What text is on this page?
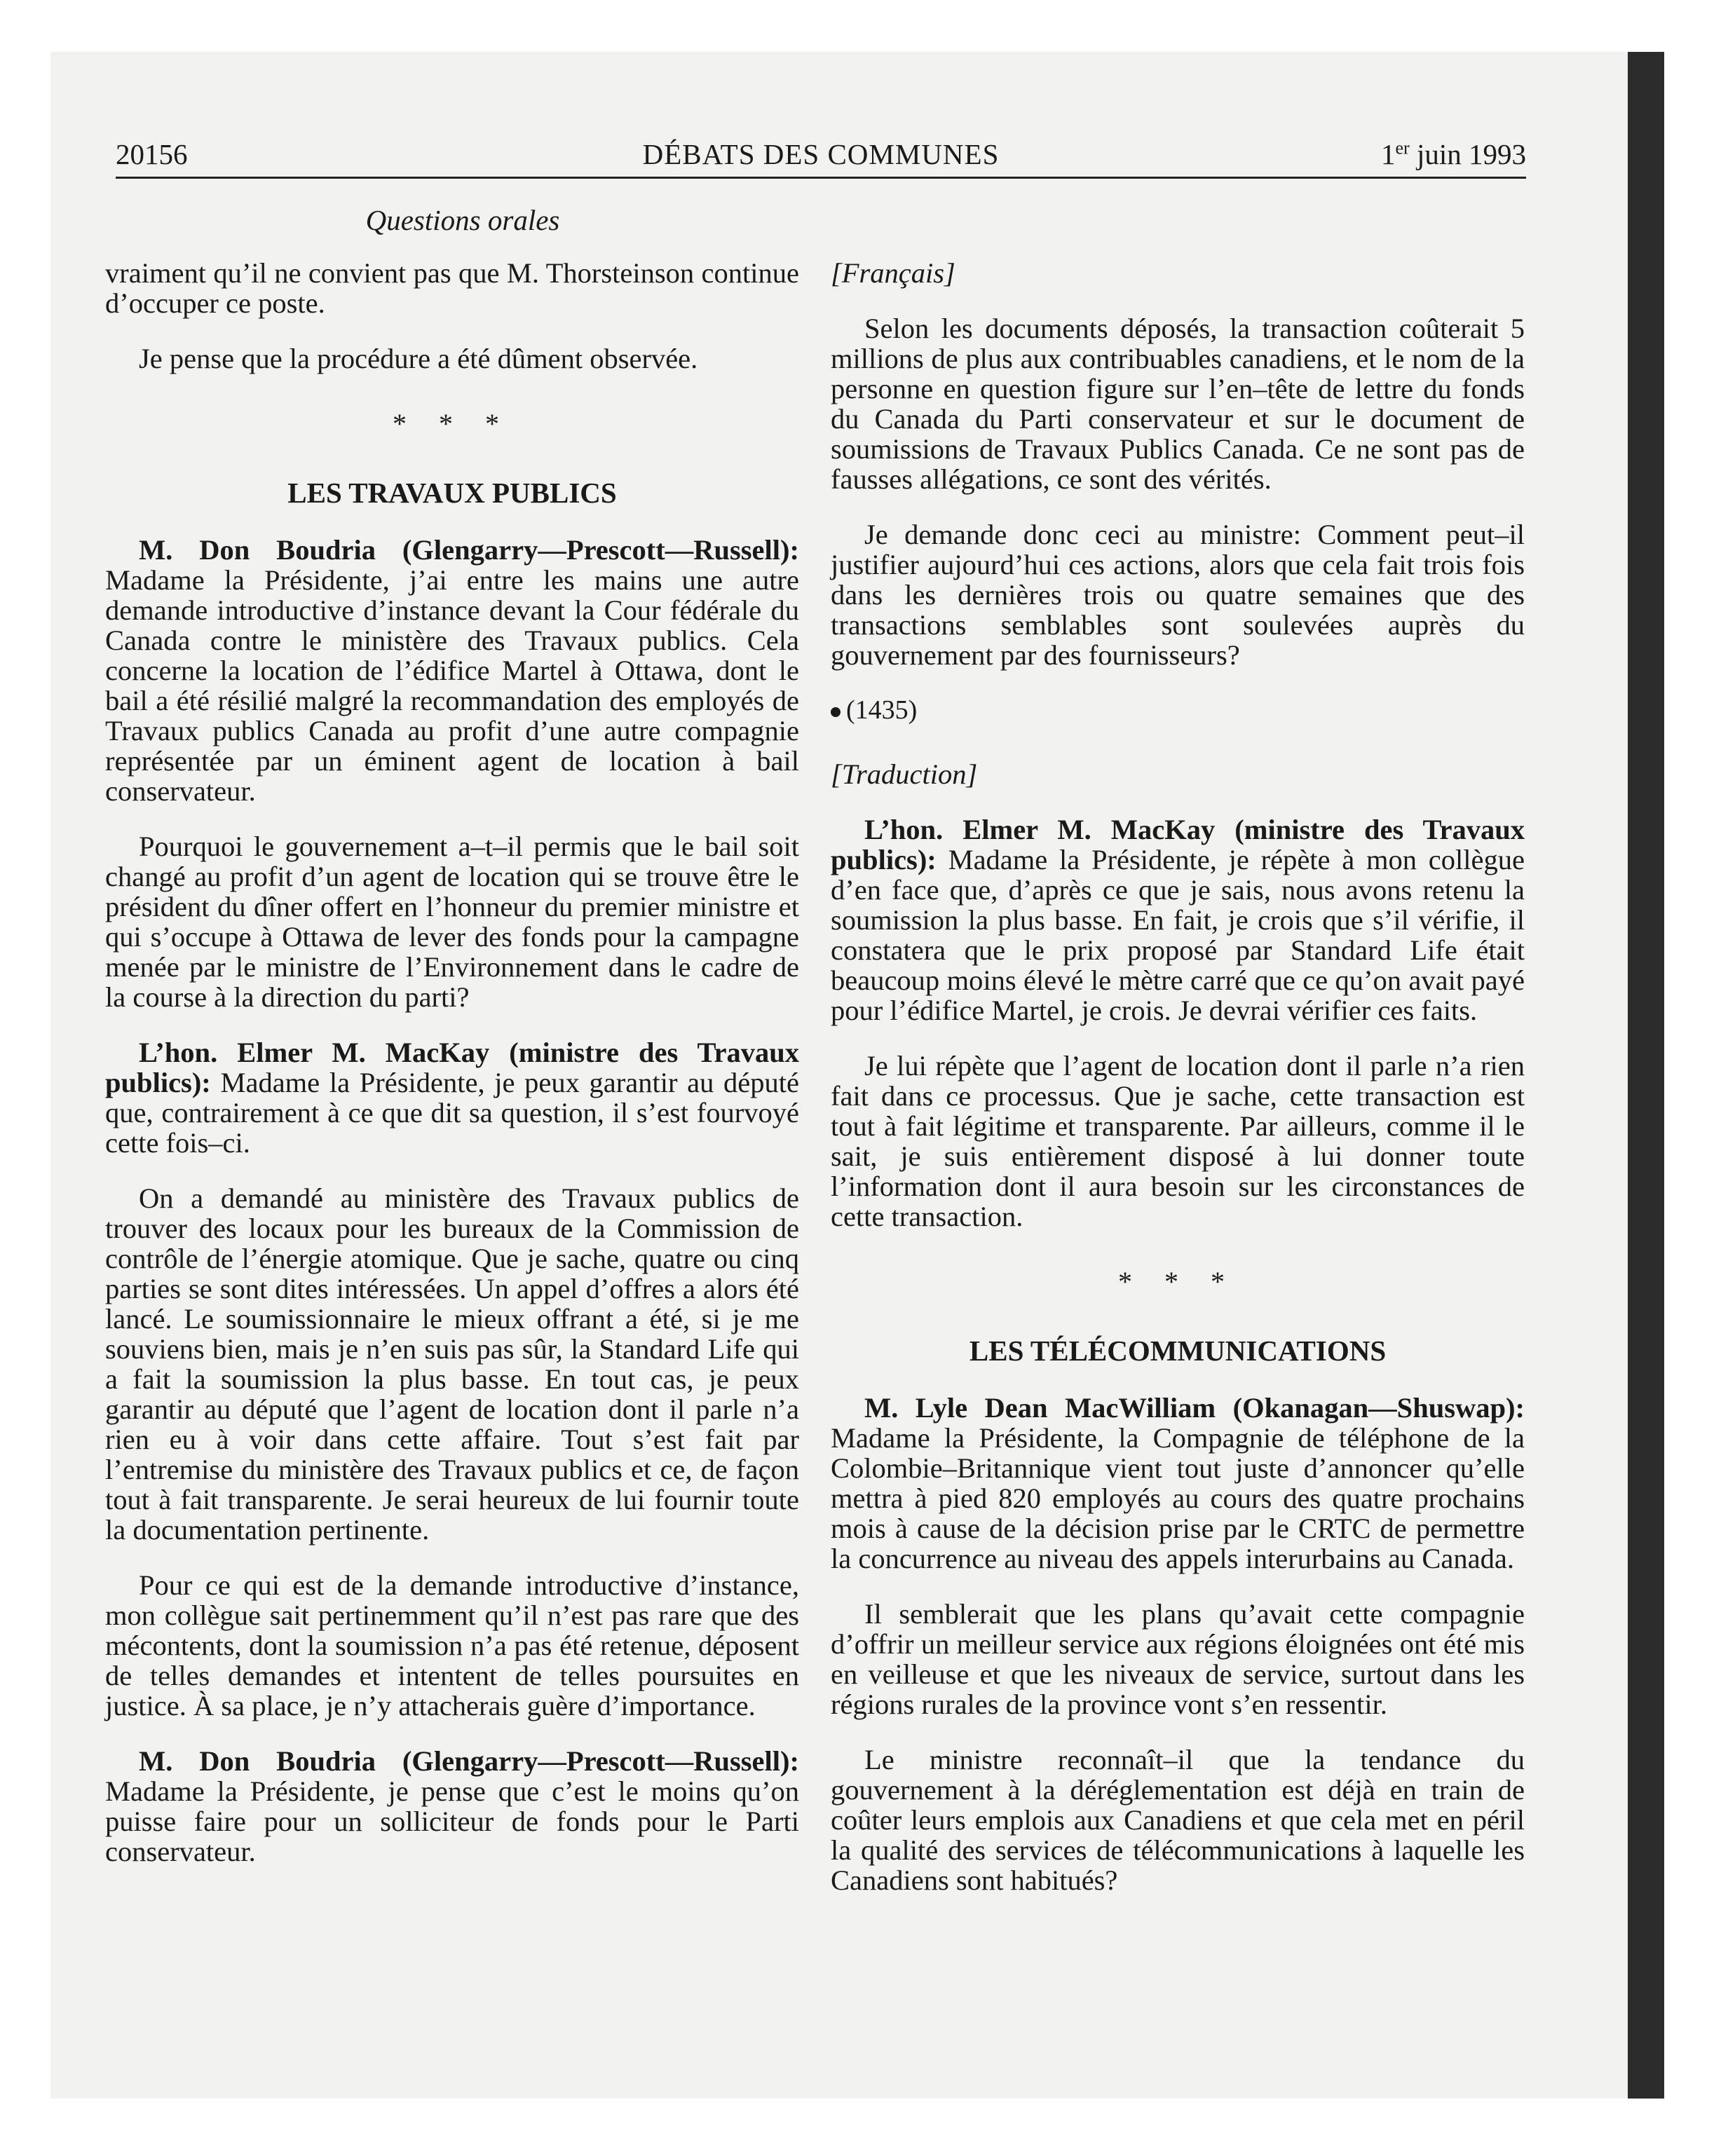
20156	DÉBATS DES COMMUNES	1er juin 1993
Questions orales

vraiment qu’il ne convient pas que M. Thorsteinson continue d’occuper ce poste.

Je pense que la procédure a été dûment observée.

* * *
LES TRAVAUX PUBLICS

M. Don Boudria (Glengarry—Prescott—Russell): Madame la Présidente, j’ai entre les mains une autre demande introductive d’instance devant la Cour fédérale du Canada contre le ministère des Travaux publics. Cela concerne la location de l’édifice Martel à Ottawa, dont le bail a été résilié malgré la recommandation des employés de Travaux publics Canada au profit d’une autre compagnie représentée par un éminent agent de location à bail conservateur.

Pourquoi le gouvernement a–t–il permis que le bail soit changé au profit d’un agent de location qui se trouve être le président du dîner offert en l’honneur du premier ministre et qui s’occupe à Ottawa de lever des fonds pour la campagne menée par le ministre de l’Environnement dans le cadre de la course à la direction du parti?

L’hon. Elmer M. MacKay (ministre des Travaux publics): Madame la Présidente, je peux garantir au député que, contrairement à ce que dit sa question, il s’est fourvoyé cette fois–ci.

On a demandé au ministère des Travaux publics de trouver des locaux pour les bureaux de la Commission de contrôle de l’énergie atomique. Que je sache, quatre ou cinq parties se sont dites intéressées. Un appel d’offres a alors été lancé. Le soumissionnaire le mieux offrant a été, si je me souviens bien, mais je n’en suis pas sûr, la Standard Life qui a fait la soumission la plus basse. En tout cas, je peux garantir au député que l’agent de location dont il parle n’a rien eu à voir dans cette affaire. Tout s’est fait par l’entremise du ministère des Travaux publics et ce, de façon tout à fait transparente. Je serai heureux de lui fournir toute la documentation pertinente.

Pour ce qui est de la demande introductive d’instance, mon collègue sait pertinemment qu’il n’est pas rare que des mécontents, dont la soumission n’a pas été retenue, déposent de telles demandes et intentent de telles poursuites en justice. À sa place, je n’y attacherais guère d’importance.

M. Don Boudria (Glengarry—Prescott—Russell): Madame la Présidente, je pense que c’est le moins qu’on puisse faire pour un solliciteur de fonds pour le Parti conservateur.

[Français]

Selon les documents déposés, la transaction coûterait 5 millions de plus aux contribuables canadiens, et le nom de la personne en question figure sur l’en–tête de lettre du fonds du Canada du Parti conservateur et sur le document de soumissions de Travaux Publics Canada. Ce ne sont pas de fausses allégations, ce sont des vérités.

Je demande donc ceci au ministre: Comment peut–il justifier aujourd’hui ces actions, alors que cela fait trois fois dans les dernières trois ou quatre semaines que des transactions semblables sont soulevées auprès du gouvernement par des fournisseurs?

(1435)
[Traduction]

L’hon. Elmer M. MacKay (ministre des Travaux publics): Madame la Présidente, je répète à mon collègue d’en face que, d’après ce que je sais, nous avons retenu la soumission la plus basse. En fait, je crois que s’il vérifie, il constatera que le prix proposé par Standard Life était beaucoup moins élevé le mètre carré que ce qu’on avait payé pour l’édifice Martel, je crois. Je devrai vérifier ces faits.

Je lui répète que l’agent de location dont il parle n’a rien fait dans ce processus. Que je sache, cette transaction est tout à fait légitime et transparente. Par ailleurs, comme il le sait, je suis entièrement disposé à lui donner toute l’information dont il aura besoin sur les circonstances de cette transaction.

* * *
LES TÉLÉCOMMUNICATIONS

M. Lyle Dean MacWilliam (Okanagan—Shuswap): Madame la Présidente, la Compagnie de téléphone de la Colombie–Britannique vient tout juste d’annoncer qu’elle mettra à pied 820 employés au cours des quatre prochains mois à cause de la décision prise par le CRTC de permettre la concurrence au niveau des appels interurbains au Canada.

Il semblerait que les plans qu’avait cette compagnie d’offrir un meilleur service aux régions éloignées ont été mis en veilleuse et que les niveaux de service, surtout dans les régions rurales de la province vont s’en ressentir.

Le ministre reconnaît–il que la tendance du gouvernement à la déréglementation est déjà en train de coûter leurs emplois aux Canadiens et que cela met en péril la qualité des services de télécommunications à laquelle les Canadiens sont habitués?
